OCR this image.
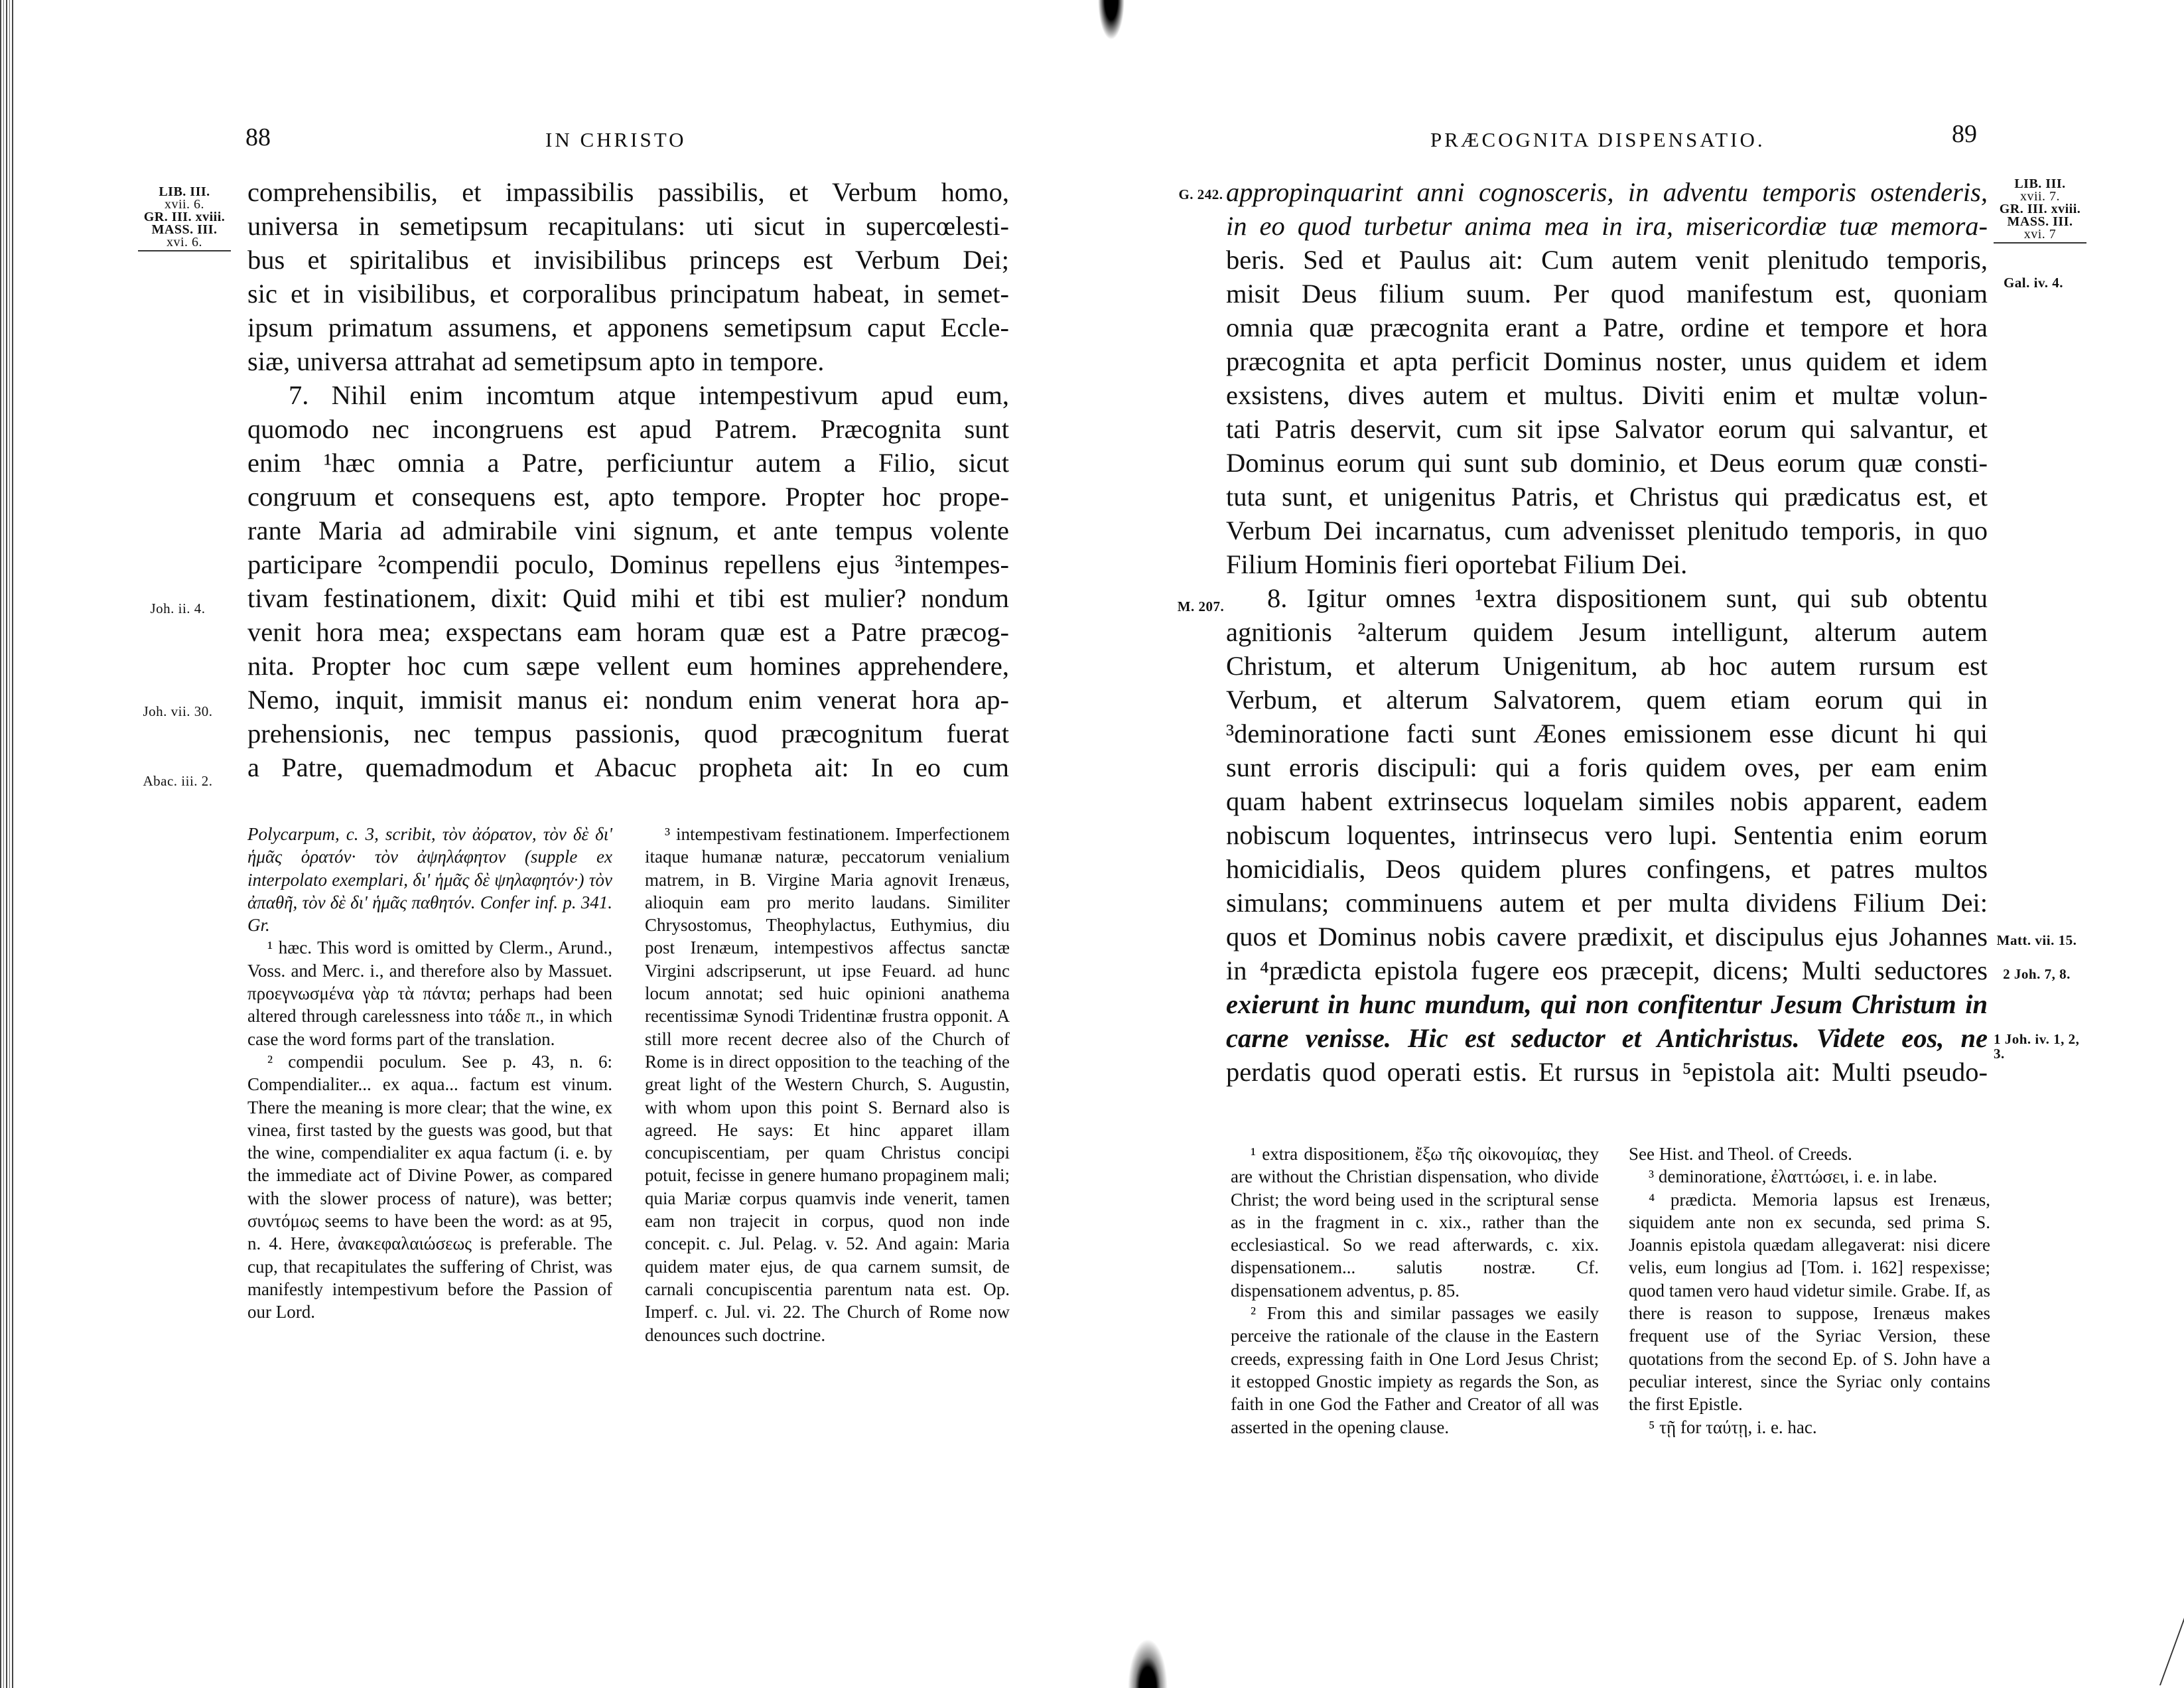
88	IN CHRISTO
LIB. III.
xvii. 6.
GR. III. xviii.
MASS. III.
xvi. 6.
Joh. ii. 4.
Joh. vii. 30.
Abac. iii. 2.
comprehensibilis, et impassibilis passibilis, et Verbum homo,
universa in semetipsum recapitulans: uti sicut in supercœlesti-
bus et spiritalibus et invisibilibus princeps est Verbum Dei;
sic et in visibilibus, et corporalibus principatum habeat, in semet-
ipsum primatum assumens, et apponens semetipsum caput Eccle-
siæ, universa attrahat ad semetipsum apto in tempore.
7. Nihil enim incomtum atque intempestivum apud eum,
quomodo nec incongruens est apud Patrem. Præcognita sunt
enim ¹hæc omnia a Patre, perficiuntur autem a Filio, sicut
congruum et consequens est, apto tempore. Propter hoc prope-
rante Maria ad admirabile vini signum, et ante tempus volente
participare ²compendii poculo, Dominus repellens ejus ³intempes-
tivam festinationem, dixit: Quid mihi et tibi est mulier? nondum
venit hora mea; exspectans eam horam quæ est a Patre præcog-
nita. Propter hoc cum sæpe vellent eum homines apprehendere,
Nemo, inquit, immisit manus ei: nondum enim venerat hora ap-
prehensionis, nec tempus passionis, quod præcognitum fuerat
a Patre, quemadmodum et Abacuc propheta ait: In eo cum

Polycarpum, c. 3, scribit, τὸν ἀόρατον, τὸν δὲ δι' ἡμᾶς ὁρατόν· τὸν ἀψηλάφητον (supple ex interpolato exemplari, δι' ἡμᾶς δὲ ψηλαφητόν·) τὸν ἀπαθῆ, τὸν δὲ δι' ἡμᾶς παθητόν. Confer inf. p. 341. Gr.

¹ hæc. This word is omitted by Clerm., Arund., Voss. and Merc. i., and therefore also by Massuet. προεγνωσμένα γὰρ τὰ πάντα; perhaps had been altered through carelessness into τάδε π., in which case the word forms part of the translation.

² compendii poculum. See p. 43, n. 6: Compendialiter... ex aqua... factum est vinum. There the meaning is more clear; that the wine, ex vinea, first tasted by the guests was good, but that the wine, compendialiter ex aqua factum (i. e. by the immediate act of Divine Power, as compared with the slower process of nature), was better; συντόμως seems to have been the word: as at 95, n. 4. Here, ἀνακεφαλαιώσεως is preferable. The cup, that recapitulates the suffering of Christ, was manifestly intempestivum before the Passion of our Lord.

³ intempestivam festinationem. Imperfectionem itaque humanæ naturæ, peccatorum venialium matrem, in B. Virgine Maria agnovit Irenæus, alioquin eam pro merito laudans. Similiter Chrysostomus, Theophylactus, Euthymius, diu post Irenæum, intempestivos affectus sanctæ Virgini adscripserunt, ut ipse Feuard. ad hunc locum annotat; sed huic opinioni anathema recentissimæ Synodi Tridentinæ frustra opponit. A still more recent decree also of the Church of Rome is in direct opposition to the teaching of the great light of the Western Church, S. Augustin, with whom upon this point S. Bernard also is agreed. He says: Et hinc apparet illam concupiscentiam, per quam Christus concipi potuit, fecisse in genere humano propaginem mali; quia Mariæ corpus quamvis inde venerit, tamen eam non trajecit in corpus, quod non inde concepit. c. Jul. Pelag. v. 52. And again: Maria quidem mater ejus, de qua carnem sumsit, de carnali concupiscentia parentum nata est. Op. Imperf. c. Jul. vi. 22. The Church of Rome now denounces such doctrine.

PRÆCOGNITA DISPENSATIO.	89
G. 242.
M. 207.
LIB. III.
xvii. 7.
GR. III. xviii.
MASS. III.
xvi. 7
Gal. iv. 4.
Matt. vii. 15.
2 Joh. 7, 8.
1 Joh. iv. 1, 2, 3.
appropinquarint anni cognosceris, in adventu temporis ostenderis,
in eo quod turbetur anima mea in ira, misericordiæ tuæ memora-
beris. Sed et Paulus ait: Cum autem venit plenitudo temporis,
misit Deus filium suum. Per quod manifestum est, quoniam
omnia quæ præcognita erant a Patre, ordine et tempore et hora
præcognita et apta perficit Dominus noster, unus quidem et idem
exsistens, dives autem et multus. Diviti enim et multæ volun-
tati Patris deservit, cum sit ipse Salvator eorum qui salvantur, et
Dominus eorum qui sunt sub dominio, et Deus eorum quæ consti-
tuta sunt, et unigenitus Patris, et Christus qui prædicatus est, et
Verbum Dei incarnatus, cum advenisset plenitudo temporis, in quo
Filium Hominis fieri oportebat Filium Dei.
8. Igitur omnes ¹extra dispositionem sunt, qui sub obtentu
agnitionis ²alterum quidem Jesum intelligunt, alterum autem
Christum, et alterum Unigenitum, ab hoc autem rursum est
Verbum, et alterum Salvatorem, quem etiam eorum qui in
³deminoratione facti sunt Æones emissionem esse dicunt hi qui
sunt erroris discipuli: qui a foris quidem oves, per eam enim
quam habent extrinsecus loquelam similes nobis apparent, eadem
nobiscum loquentes, intrinsecus vero lupi. Sententia enim eorum
homicidialis, Deos quidem plures confingens, et patres multos
simulans; comminuens autem et per multa dividens Filium Dei:
quos et Dominus nobis cavere prædixit, et discipulus ejus Johannes
in ⁴prædicta epistola fugere eos præcepit, dicens; Multi seductores
exierunt in hunc mundum, qui non confitentur Jesum Christum in
carne venisse. Hic est seductor et Antichristus. Videte eos, ne
perdatis quod operati estis. Et rursus in ⁵epistola ait: Multi pseudo-

¹ extra dispositionem, ἔξω τῆς οἰκονομίας, they are without the Christian dispensation, who divide Christ; the word being used in the scriptural sense as in the fragment in c. xix., rather than the ecclesiastical. So we read afterwards, c. xix. dispensationem... salutis nostræ. Cf. dispensationem adventus, p. 85.

² From this and similar passages we easily perceive the rationale of the clause in the Eastern creeds, expressing faith in One Lord Jesus Christ; it estopped Gnostic impiety as regards the Son, as faith in one God the Father and Creator of all was asserted in the opening clause.

See Hist. and Theol. of Creeds.

³ deminoratione, ἐλαττώσει, i. e. in labe.

⁴ prædicta. Memoria lapsus est Irenæus, siquidem ante non ex secunda, sed prima S. Joannis epistola quædam allegaverat: nisi dicere velis, eum longius ad [Tom. i. 162] respexisse; quod tamen vero haud videtur simile. Grabe. If, as there is reason to suppose, Irenæus makes frequent use of the Syriac Version, these quotations from the second Ep. of S. John have a peculiar interest, since the Syriac only contains the first Epistle.

⁵ τῇ for ταύτῃ, i. e. hac.
